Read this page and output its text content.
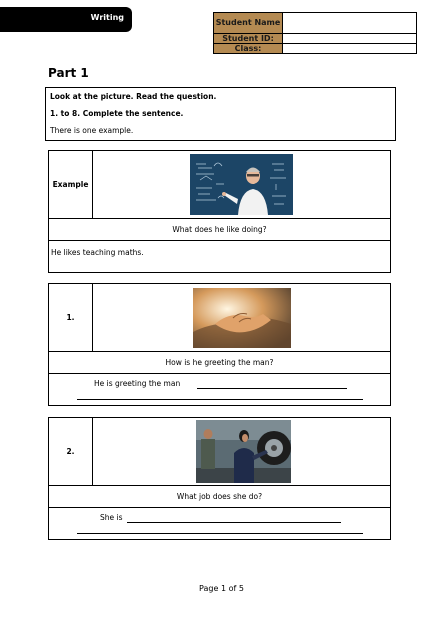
Writing
Student Name	
Student ID:	
Class:	
Part 1
Look at the picture. Read the question.
1. to 8. Complete the sentence.
There is one example.
Example
What does he like doing?
He likes teaching maths.
1.
How is he greeting the man?
He is greeting the man
2.
What job does she do?
She is
Page 1 of 5
